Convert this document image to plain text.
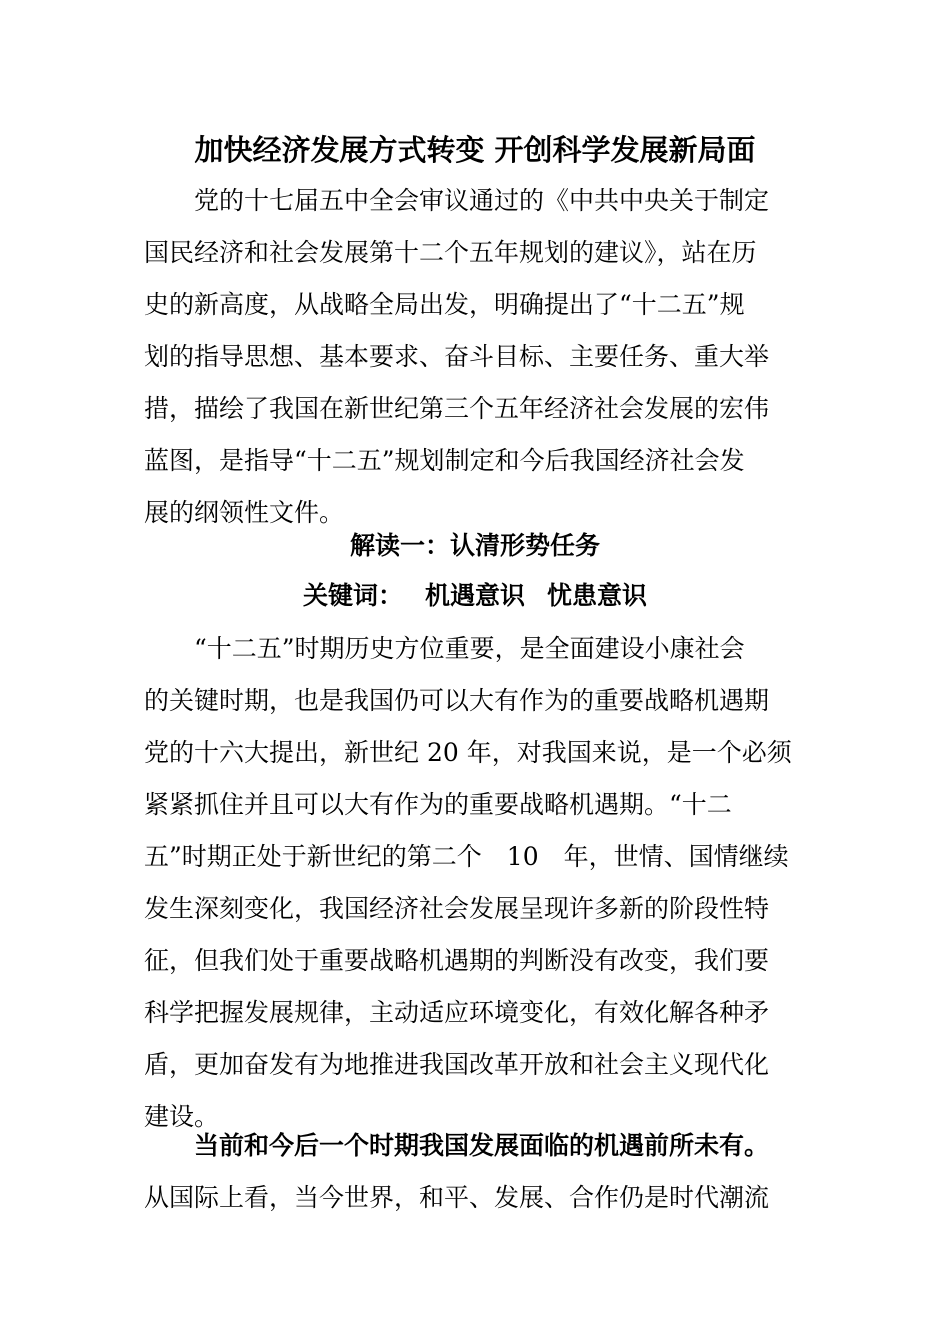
加快经济发展方式转变 开创科学发展新局面
　　党的十七届五中全会审议通过的《中共中央关于制定
国民经济和社会发展第十二个五年规划的建议》，站在历
史的新高度，从战略全局出发，明确提出了“十二五”规
划的指导思想、基本要求、奋斗目标、主要任务、重大举
措，描绘了我国在新世纪第三个五年经济社会发展的宏伟
蓝图，是指导“十二五”规划制定和今后我国经济社会发
展的纲领性文件。
解读一：认清形势任务
关键词： 机遇意识 忧患意识
　　“十二五”时期历史方位重要，是全面建设小康社会
的关键时期，也是我国仍可以大有作为的重要战略机遇期
党的十六大提出，新世纪 20 年，对我国来说，是一个必须
紧紧抓住并且可以大有作为的重要战略机遇期。“十二
五”时期正处于新世纪的第二个　10　年，世情、国情继续
发生深刻变化，我国经济社会发展呈现许多新的阶段性特
征，但我们处于重要战略机遇期的判断没有改变，我们要
科学把握发展规律，主动适应环境变化，有效化解各种矛
盾，更加奋发有为地推进我国改革开放和社会主义现代化
建设。
　　当前和今后一个时期我国发展面临的机遇前所未有。
从国际上看，当今世界，和平、发展、合作仍是时代潮流
